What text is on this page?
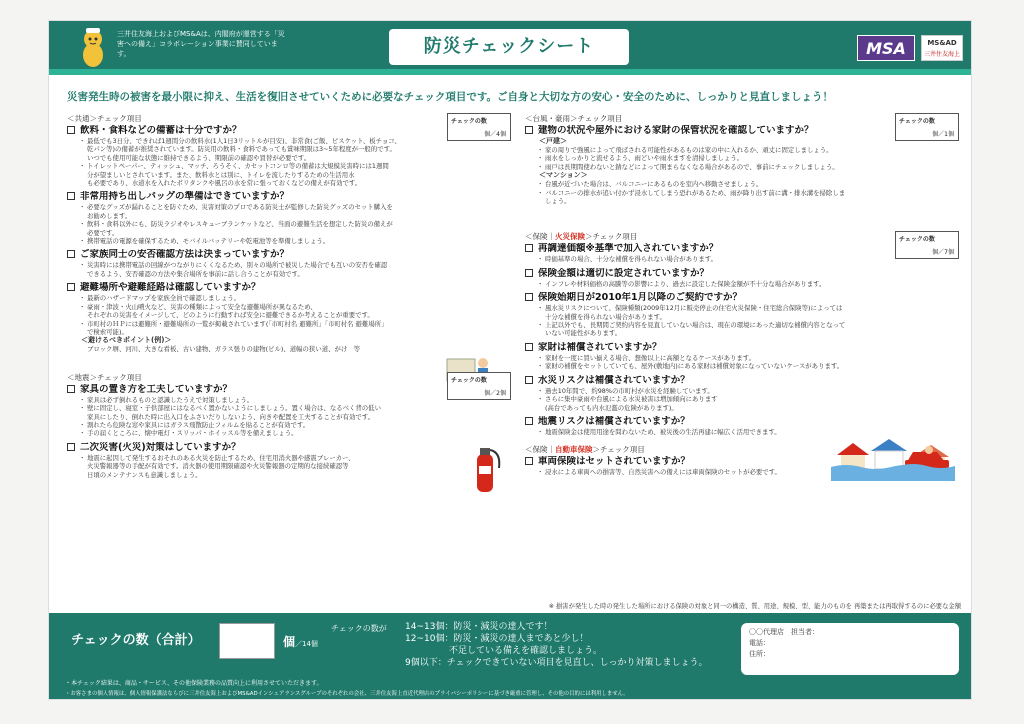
三井住友海上およびMS&Aは、内閣府が運営する「災害への備え」コラボレーション事業に賛同しています。	防災チェックシート	MSA	MS&AD
三井住友海上
災害発生時の被害を最小限に抑え、生活を復旧させていくために必要なチェック項目です。ご自身と大切な方の安心・安全のために、しっかりと見直しましょう！
＜共通＞チェック項目	チェックの数
個／4個
飲料・食料などの備蓄は十分ですか？
・ 最低でも3日分、できれば1週間分の飲料水(1人1日3リットルが目安)、非常食(ご飯、ビスケット、板チョコ、
乾パン等)の備蓄が推奨されています。防災用の飲料・食料であっても賞味期限は3~5年程度が一般的です。
いつでも使用可能な状態に維持できるよう、期限前の確認や買替が必要です。
・ トイレットペーパー、ティッシュ、マッチ、ろうそく、カセットコンロ等の備蓄は大規模災害時には1週間
分が望ましいとされています。また、飲料水とは別に、トイレを流したりするための生活用水
も必要であり、水道水を入れたポリタンクや風呂の水を常に張っておくなどの備えが有効です。
非常用持ち出しバッグの準備はできていますか？
・ 必要なグッズが漏れることを防ぐため、災害対策のプロである防災士が監修した防災グッズのセット購入を
お勧めします。
・ 飲料・食料以外にも、防災ラジオやレスキューブランケットなど、当面の避難生活を想定した防災の備えが
必要です。
・ 携帯電話の電源を確保するため、モバイルバッテリーや乾電池等を準備しましょう。
ご家族同士の安否確認方法は決まっていますか？
・ 災害時には携帯電話の回線がつながりにくくなるため、別々の場所で被災した場合でも互いの安否を確認
できるよう、安否確認の方法や集合場所を事前に話し合うことが有効です。
避難場所や避難経路は確認していますか？
・ 最新のハザードマップを家族全員で確認しましょう。
・ 豪雨・津波・火山噴火など、災害の種類によって安全な避難場所が異なるため、
それぞれの災害をイメージして、どのように行動すれば安全に避難できるか考えることが重要です。
・ 市町村のＨＰには避難所・避難場所の一覧が掲載されています(「市町村名 避難所」「市町村名 避難場所」
で検索可能)。
＜避けるべきポイント(例)＞
ブロック塀、河川、大きな看板、古い建物、ガラス張りの建物(ビル)、道幅の狭い道、がけ　等
＜地震＞チェック項目	チェックの数
個／2個
家具の置き方を工夫していますか？
・ 家具は必ず倒れるものと認識したうえで対策しましょう。
・ 壁に固定し、寝室・子供部屋にはなるべく置かないようにしましょう。置く場合は、なるべく背の低い
家具にしたり、倒れた時に出入口をふさいだりしないよう、向きや配置を工夫することが有効です。
・ 割れたら危険な窓や家具にはガラス飛散防止フィルムを貼ることが有効です。
・ 手の届くところに、懐中電灯・スリッパ・ホイッスル等を備えましょう。
二次災害(火災)対策はしていますか？
・ 地震に起因して発生するおそれのある火災を防止するため、住宅用消火器や感震ブレーカー、
火災警報器等の手配が有効です。消火器の使用期限確認や火災警報器の定期的な接続確認等
日頃のメンテナンスも意識しましょう。
＜台風・豪雨＞チェック項目	チェックの数
個／1個
建物の状況や屋外における家財の保管状況を確認していますか？
＜戸建＞
・ 家の周りで強風によって飛ばされる可能性があるものは家の中に入れるか、頑丈に固定しましょう。
・ 雨水をしっかりと流せるよう、雨どいや雨水ますを清掃しましょう。
・ 雨戸は長期間使わないと錆などによって開まらなくなる場合があるので、事前にチェックしましょう。
＜マンション＞
・ 台風が近づいた場合は、バルコニーにあるものを室内へ移動させましょう。
・ バルコニーの排水が追い付かず浸水してしまう恐れがあるため、雨が降り出す前に溝・排水溝を掃除しま
しょう。
＜保険｜火災保険＞チェック項目	チェックの数
個／7個
再調達価額※基準で加入されていますか？
・ 時価基準の場合、十分な補償を得られない場合があります。
保険金額は適切に設定されていますか？
・ インフレや材料価格の高騰等の影響により、過去に設定した保険金額が不十分な場合があります。
保険始期日が2010年1月以降のご契約ですか？
・ 風水災リスクについて、保険種類(2009年12月に販売停止の住宅火災保険・住宅総合保険等)によっては
十分な補償を得られない場合があります。
・ 上記以外でも、長期間ご契約内容を見直していない場合は、現在の環境にあった適切な補償内容となって
いない可能性があります。
家財は補償されていますか？
・ 家財を一度に買い揃える場合、想像以上に高額となるケースがあります。
・ 家財の補償をセットしていても、屋外(敷地内)にある家財は補償対象になっていないケースがあります。
水災リスクは補償されていますか？
・ 過去10年間で、約98%の市町村が水災を経験しています。
・ さらに集中豪雨や台風による水災被害は増加傾向にあります
(高台であっても内水氾濫の危険があります)。
地震リスクは補償されていますか？
・ 地震保険金は使用用途を問わないため、被災後の生活再建に幅広く活用できます。
＜保険｜自動車保険＞チェック項目
車両保険はセットされていますか？
・ 浸水による車両への損害等、自然災害への備えには車両保険のセットが必要です。
※ 損害が発生した時の発生した場所における保険の対象と同一の構造、質、用途、規模、型、能力のものを 再築または再取得するのに必要な金額
チェックの数（合計）	個／14個
チェックの数が 14~13個：防災・減災の達人です！
12~10個：防災・減災の達人まであと少し！
不足している備えを確認しましょう。
9個以下：チェックできていない項目を見直し、しっかり対策しましょう。
〇〇代理店　担当者：
電話：
住所：
・本チェック結果は、商品・サービス、その他保険業務の品質向上に利用させていただきます。
・お客さまの個人情報は、個人情報保護法ならびに三井住友海上およびMS&ADインシュアランスグループのそれぞれの会社、三井住友海上直近代理店のプライバシーポリシーに基づき厳重に管理し、その他の目的には利用しません。
